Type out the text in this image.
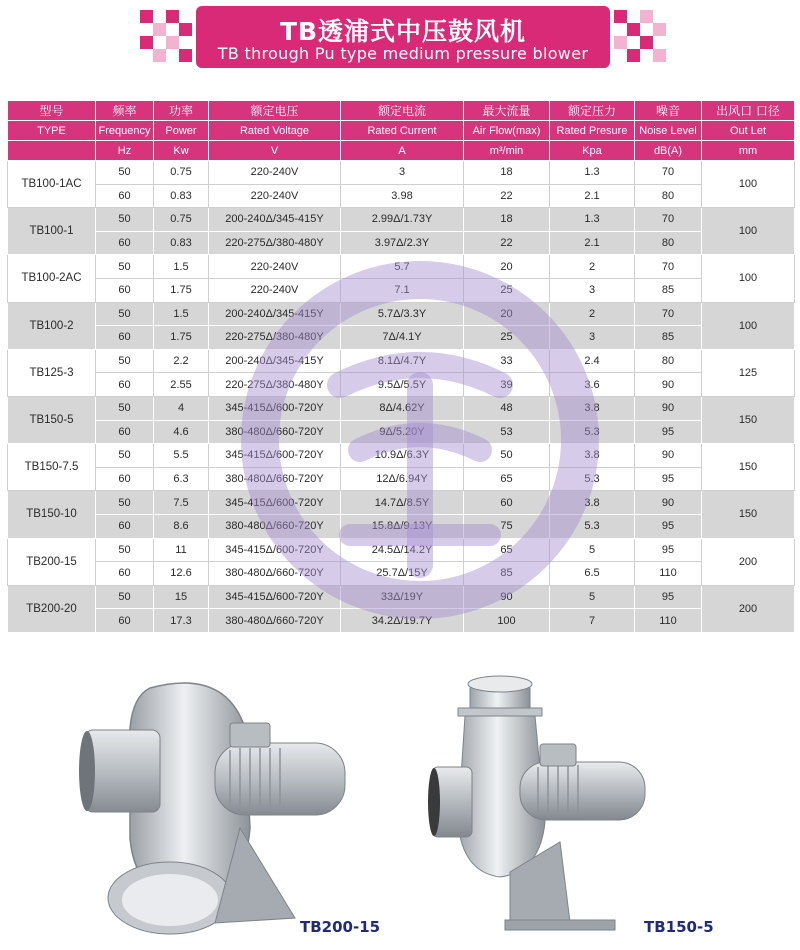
TB透浦式中压鼓风机
TB through Pu type medium pressure blower
型号	频率	功率	额定电压	额定电流	最大流量	额定压力	噪音	出风口 口径
TYPE	Frequency	Power	Rated Voltage	Rated Current	Air Flow(max)	Rated Presure	Noise Level	Out Let
	Hz	Kw	V	A	m³/min	Kpa	dB(A)	mm
TB100-1AC	50	0.75	220-240V	3	18	1.3	70	100
	60	0.83	220-240V	3.98	22	2.1	80	
TB100-1	50	0.75	200-240Δ/345-415Y	2.99Δ/1.73Y	18	1.3	70	100
	60	0.83	220-275Δ/380-480Y	3.97Δ/2.3Y	22	2.1	80	
TB100-2AC	50	1.5	220-240V	5.7	20	2	70	100
	60	1.75	220-240V	7.1	25	3	85	
TB100-2	50	1.5	200-240Δ/345-415Y	5.7Δ/3.3Y	20	2	70	100
	60	1.75	220-275Δ/380-480Y	7Δ/4.1Y	25	3	85	
TB125-3	50	2.2	200-240Δ/345-415Y	8.1Δ/4.7Y	33	2.4	80	125
	60	2.55	220-275Δ/380-480Y	9.5Δ/5.5Y	39	3.6	90	
TB150-5	50	4	345-415Δ/600-720Y	8Δ/4.62Y	48	3.8	90	150
	60	4.6	380-480Δ/660-720Y	9Δ/5.20Y	53	5.3	95	
TB150-7.5	50	5.5	345-415Δ/600-720Y	10.9Δ/6.3Y	50	3.8	90	150
	60	6.3	380-480Δ/660-720Y	12Δ/6.94Y	65	5.3	95	
TB150-10	50	7.5	345-415Δ/600-720Y	14.7Δ/8.5Y	60	3.8	90	150
	60	8.6	380-480Δ/660-720Y	15.8Δ/9.13Y	75	5.3	95	
TB200-15	50	11	345-415Δ/600-720Y	24.5Δ/14.2Y	65	5	95	200
	60	12.6	380-480Δ/660-720Y	25.7Δ/15Y	85	6.5	110	
TB200-20	50	15	345-415Δ/600-720Y	33Δ/19Y	90	5	95	200
	60	17.3	380-480Δ/660-720Y	34.2Δ/19.7Y	100	7	110	
TB200-15	TB150-5
